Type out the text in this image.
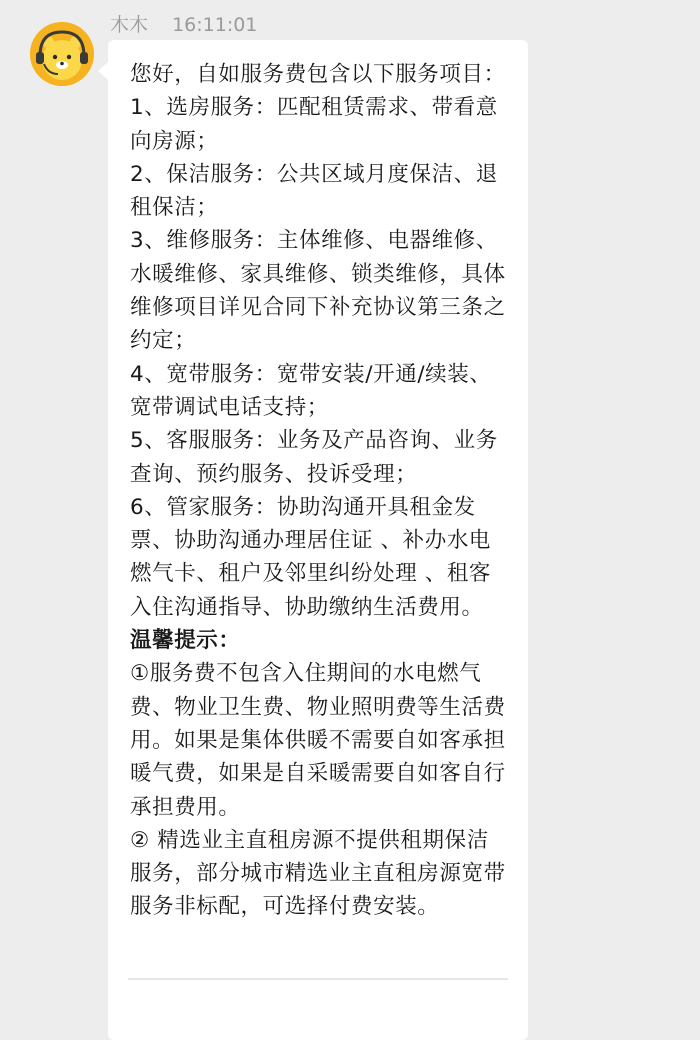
木木 16:11:01
您好，自如服务费包含以下服务项目：
1、选房服务：匹配租赁需求、带看意
向房源；
2、保洁服务：公共区域月度保洁、退
租保洁；
3、维修服务：主体维修、电器维修、
水暖维修、家具维修、锁类维修，具体
维修项目详见合同下补充协议第三条之
约定；
4、宽带服务：宽带安装/开通/续装、
宽带调试电话支持；
5、客服服务：业务及产品咨询、业务
查询、预约服务、投诉受理；
6、管家服务：协助沟通开具租金发
票、协助沟通办理居住证 、补办水电
燃气卡、租户及邻里纠纷处理 、租客
入住沟通指导、协助缴纳生活费用。
温馨提示：
①服务费不包含入住期间的水电燃气
费、物业卫生费、物业照明费等生活费
用。如果是集体供暖不需要自如客承担
暖气费，如果是自采暖需要自如客自行
承担费用。
② 精选业主直租房源不提供租期保洁
服务，部分城市精选业主直租房源宽带
服务非标配，可选择付费安装。
